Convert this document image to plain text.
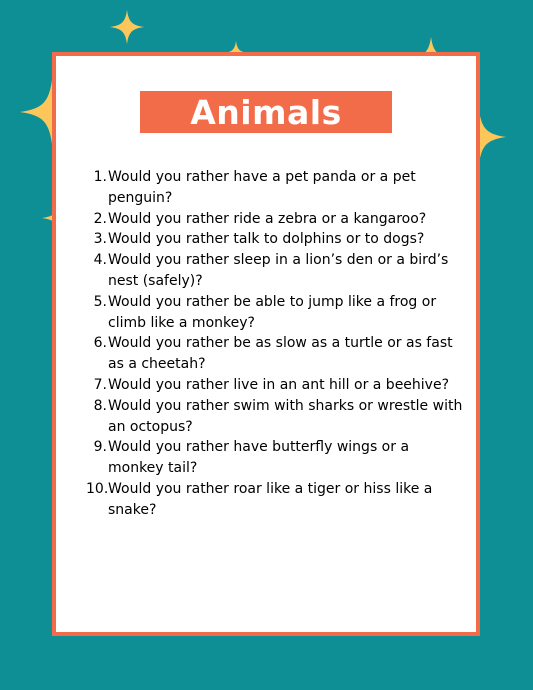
Animals
1. Would you rather have a pet panda or a pet penguin?
2. Would you rather ride a zebra or a kangaroo?
3. Would you rather talk to dolphins or to dogs?
4. Would you rather sleep in a lion’s den or a bird’s nest (safely)?
5. Would you rather be able to jump like a frog or climb like a monkey?
6. Would you rather be as slow as a turtle or as fast as a cheetah?
7. Would you rather live in an ant hill or a beehive?
8. Would you rather swim with sharks or wrestle with an octopus?
9. Would you rather have butterfly wings or a monkey tail?
10. Would you rather roar like a tiger or hiss like a snake?
